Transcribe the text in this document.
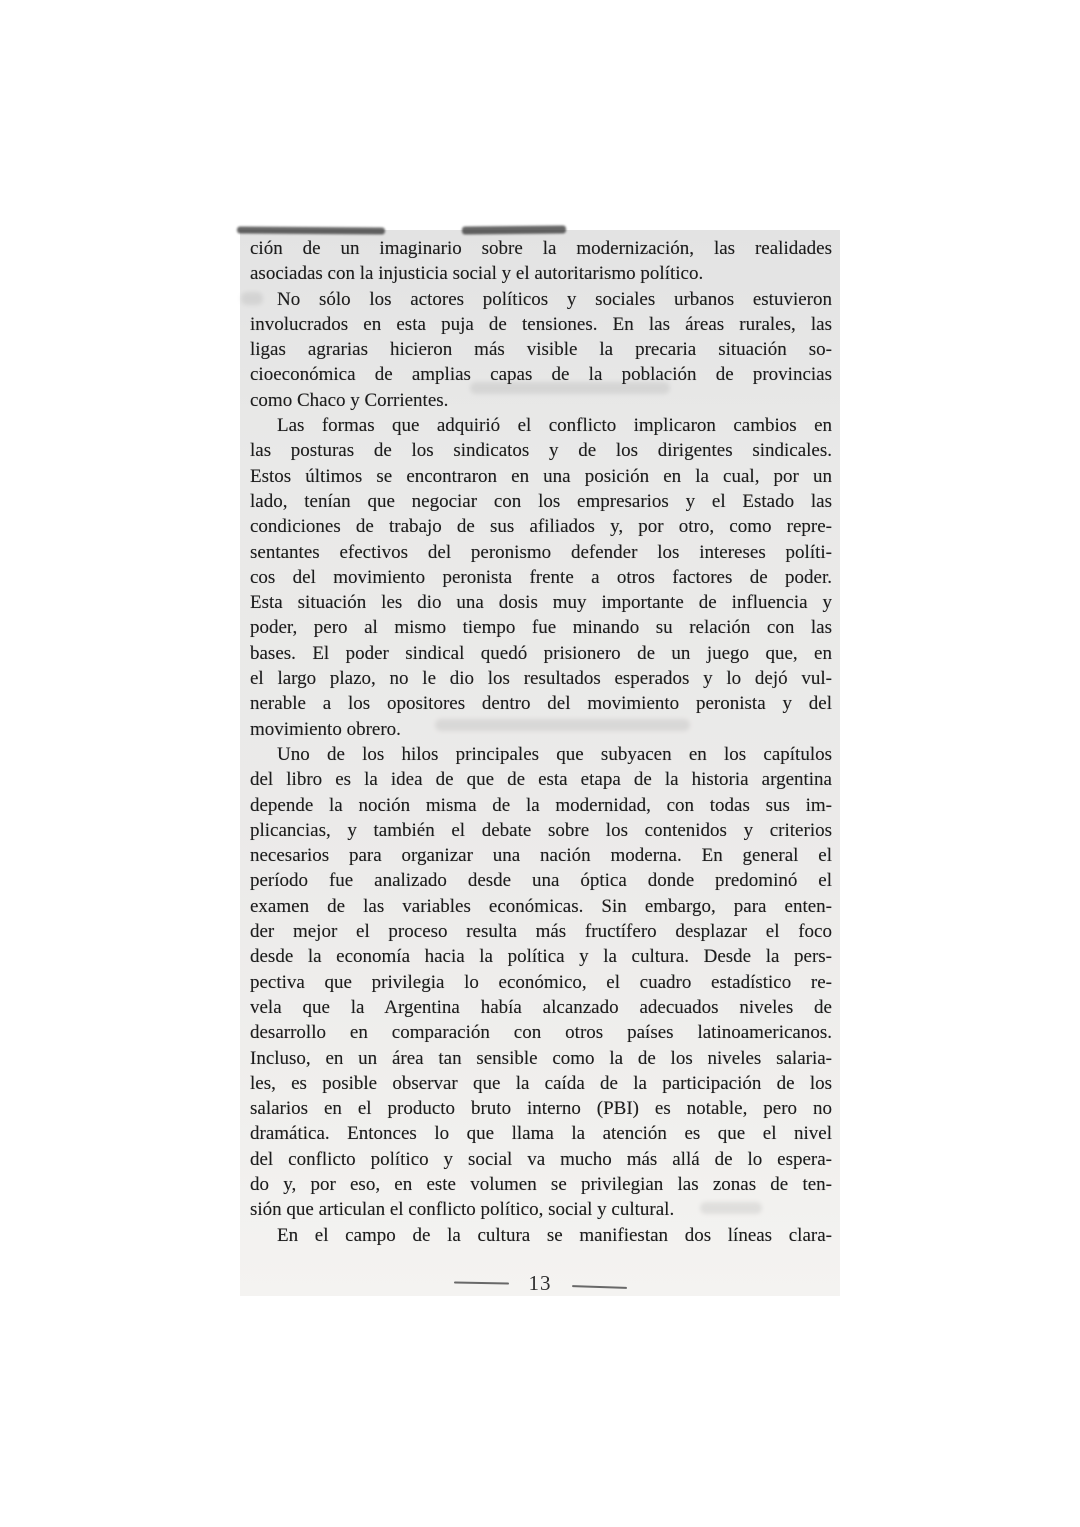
ción de un imaginario sobre la modernización, las realidades
asociadas con la injusticia social y el autoritarismo político.
No sólo los actores políticos y sociales urbanos estuvieron
involucrados en esta puja de tensiones. En las áreas rurales, las
ligas agrarias hicieron más visible la precaria situación so-
cioeconómica de amplias capas de la población de provincias
como Chaco y Corrientes.
Las formas que adquirió el conflicto implicaron cambios en
las posturas de los sindicatos y de los dirigentes sindicales.
Estos últimos se encontraron en una posición en la cual, por un
lado, tenían que negociar con los empresarios y el Estado las
condiciones de trabajo de sus afiliados y, por otro, como repre-
sentantes efectivos del peronismo defender los intereses políti-
cos del movimiento peronista frente a otros factores de poder.
Esta situación les dio una dosis muy importante de influencia y
poder, pero al mismo tiempo fue minando su relación con las
bases. El poder sindical quedó prisionero de un juego que, en
el largo plazo, no le dio los resultados esperados y lo dejó vul-
nerable a los opositores dentro del movimiento peronista y del
movimiento obrero.
Uno de los hilos principales que subyacen en los capítulos
del libro es la idea de que de esta etapa de la historia argentina
depende la noción misma de la modernidad, con todas sus im-
plicancias, y también el debate sobre los contenidos y criterios
necesarios para organizar una nación moderna. En general el
período fue analizado desde una óptica donde predominó el
examen de las variables económicas. Sin embargo, para enten-
der mejor el proceso resulta más fructífero desplazar el foco
desde la economía hacia la política y la cultura. Desde la pers-
pectiva que privilegia lo económico, el cuadro estadístico re-
vela que la Argentina había alcanzado adecuados niveles de
desarrollo en comparación con otros países latinoamericanos.
Incluso, en un área tan sensible como la de los niveles salaria-
les, es posible observar que la caída de la participación de los
salarios en el producto bruto interno (PBI) es notable, pero no
dramática. Entonces lo que llama la atención es que el nivel
del conflicto político y social va mucho más allá de lo espera-
do y, por eso, en este volumen se privilegian las zonas de ten-
sión que articulan el conflicto político, social y cultural.
En el campo de la cultura se manifiestan dos líneas clara-
13
